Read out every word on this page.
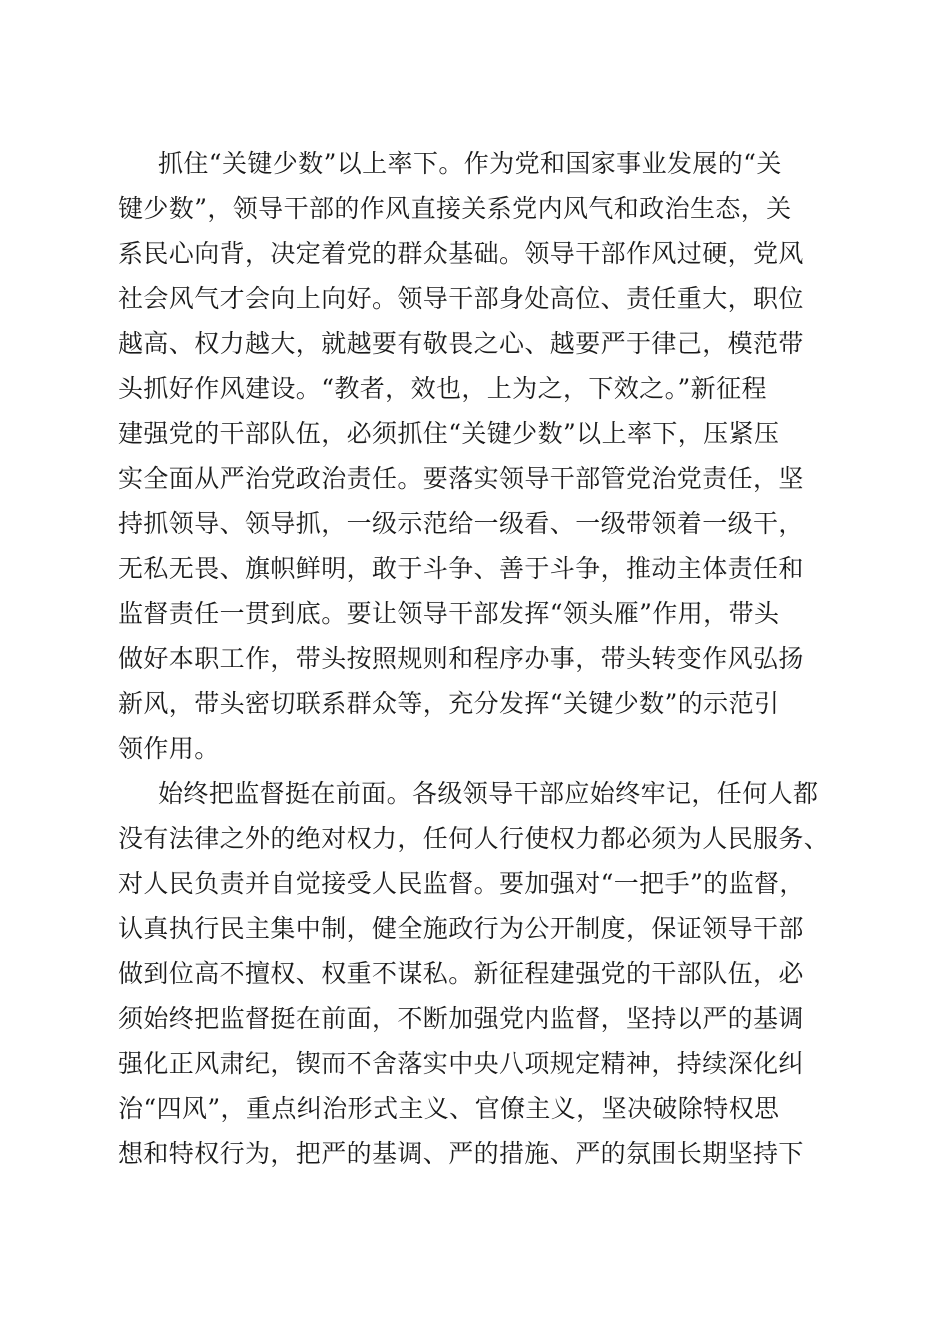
抓住“关键少数”以上率下。作为党和国家事业发展的“关
键少数”，领导干部的作风直接关系党内风气和政治生态，关
系民心向背，决定着党的群众基础。领导干部作风过硬，党风
社会风气才会向上向好。领导干部身处高位、责任重大，职位
越高、权力越大，就越要有敬畏之心、越要严于律己，模范带
头抓好作风建设。“教者，效也，上为之，下效之。”新征程
建强党的干部队伍，必须抓住“关键少数”以上率下，压紧压
实全面从严治党政治责任。要落实领导干部管党治党责任，坚
持抓领导、领导抓，一级示范给一级看、一级带领着一级干，
无私无畏、旗帜鲜明，敢于斗争、善于斗争，推动主体责任和
监督责任一贯到底。要让领导干部发挥“领头雁”作用，带头
做好本职工作，带头按照规则和程序办事，带头转变作风弘扬
新风，带头密切联系群众等，充分发挥“关键少数”的示范引
领作用。
始终把监督挺在前面。各级领导干部应始终牢记，任何人都
没有法律之外的绝对权力，任何人行使权力都必须为人民服务、
对人民负责并自觉接受人民监督。要加强对“一把手”的监督，
认真执行民主集中制，健全施政行为公开制度，保证领导干部
做到位高不擅权、权重不谋私。新征程建强党的干部队伍，必
须始终把监督挺在前面，不断加强党内监督，坚持以严的基调
强化正风肃纪，锲而不舍落实中央八项规定精神，持续深化纠
治“四风”，重点纠治形式主义、官僚主义，坚决破除特权思
想和特权行为，把严的基调、严的措施、严的氛围长期坚持下
